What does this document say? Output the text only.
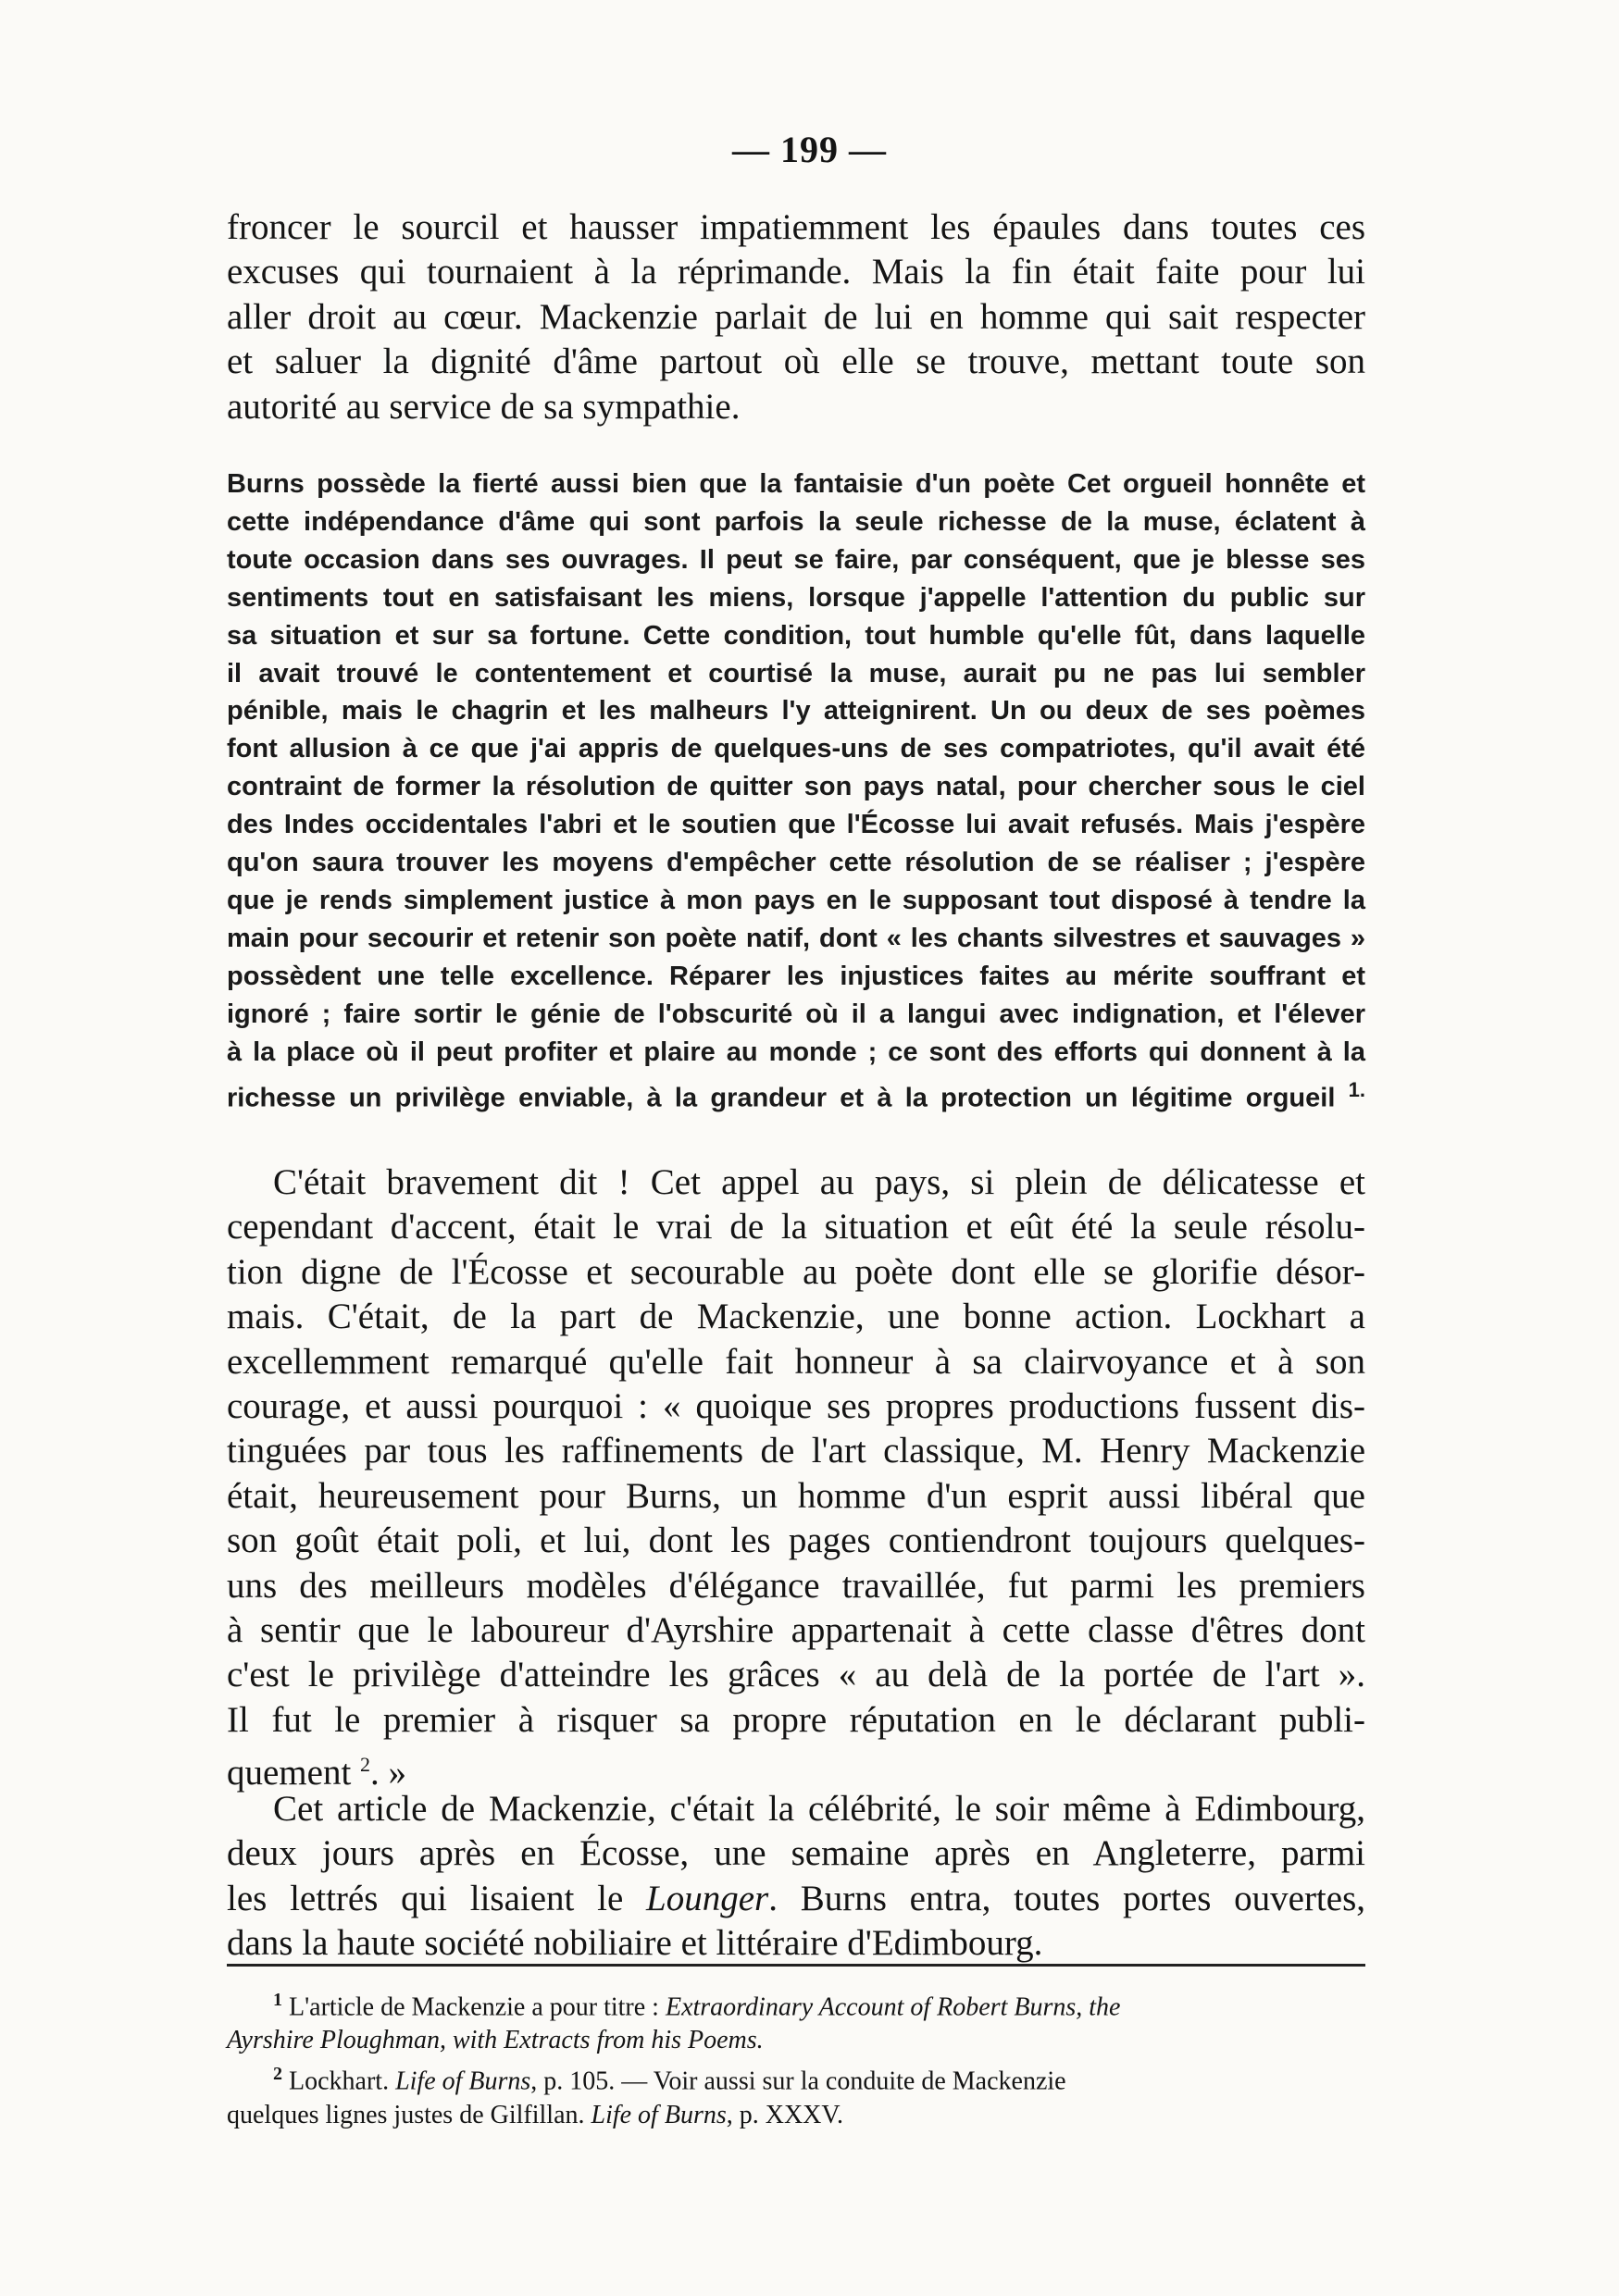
— 199 —
froncer le sourcil et hausser impatiemment les épaules dans toutes ces
excuses qui tournaient à la réprimande. Mais la fin était faite pour lui
aller droit au cœur. Mackenzie parlait de lui en homme qui sait respecter
et saluer la dignité d'âme partout où elle se trouve, mettant toute son
autorité au service de sa sympathie.
Burns possède la fierté aussi bien que la fantaisie d'un poète Cet orgueil honnête et
cette indépendance d'âme qui sont parfois la seule richesse de la muse, éclatent à
toute occasion dans ses ouvrages. Il peut se faire, par conséquent, que je blesse ses
sentiments tout en satisfaisant les miens, lorsque j'appelle l'attention du public sur
sa situation et sur sa fortune. Cette condition, tout humble qu'elle fût, dans laquelle
il avait trouvé le contentement et courtisé la muse, aurait pu ne pas lui sembler
pénible, mais le chagrin et les malheurs l'y atteignirent. Un ou deux de ses poèmes
font allusion à ce que j'ai appris de quelques-uns de ses compatriotes, qu'il avait été
contraint de former la résolution de quitter son pays natal, pour chercher sous le ciel
des Indes occidentales l'abri et le soutien que l'Écosse lui avait refusés. Mais j'espère
qu'on saura trouver les moyens d'empêcher cette résolution de se réaliser ; j'espère
que je rends simplement justice à mon pays en le supposant tout disposé à tendre la
main pour secourir et retenir son poète natif, dont « les chants silvestres et sauvages »
possèdent une telle excellence. Réparer les injustices faites au mérite souffrant et
ignoré ; faire sortir le génie de l'obscurité où il a langui avec indignation, et l'élever
à la place où il peut profiter et plaire au monde ; ce sont des efforts qui donnent à la
richesse un privilège enviable, à la grandeur et à la protection un légitime orgueil $^{1.}$
C'était bravement dit ! Cet appel au pays, si plein de délicatesse et
cependant d'accent, était le vrai de la situation et eût été la seule résolu-
tion digne de l'Écosse et secourable au poète dont elle se glorifie désor-
mais. C'était, de la part de Mackenzie, une bonne action. Lockhart a
excellemment remarqué qu'elle fait honneur à sa clairvoyance et à son
courage, et aussi pourquoi : « quoique ses propres productions fussent dis-
tinguées par tous les raffinements de l'art classique, M. Henry Mackenzie
était, heureusement pour Burns, un homme d'un esprit aussi libéral que
son goût était poli, et lui, dont les pages contiendront toujours quelques-
uns des meilleurs modèles d'élégance travaillée, fut parmi les premiers
à sentir que le laboureur d'Ayrshire appartenait à cette classe d'êtres dont
c'est le privilège d'atteindre les grâces « au delà de la portée de l'art ».
Il fut le premier à risquer sa propre réputation en le déclarant publi-
quement $^2$. »
Cet article de Mackenzie, c'était la célébrité, le soir même à Edimbourg,
deux jours après en Écosse, une semaine après en Angleterre, parmi
les lettrés qui lisaient le Lounger. Burns entra, toutes portes ouvertes,
dans la haute société nobiliaire et littéraire d'Edimbourg.
$^1$ L'article de Mackenzie a pour titre : Extraordinary Account of Robert Burns, the
Ayrshire Ploughman, with Extracts from his Poems.
$^2$ Lockhart. Life of Burns, p. 105. — Voir aussi sur la conduite de Mackenzie
quelques lignes justes de Gilfillan. Life of Burns, p. XXXV.
